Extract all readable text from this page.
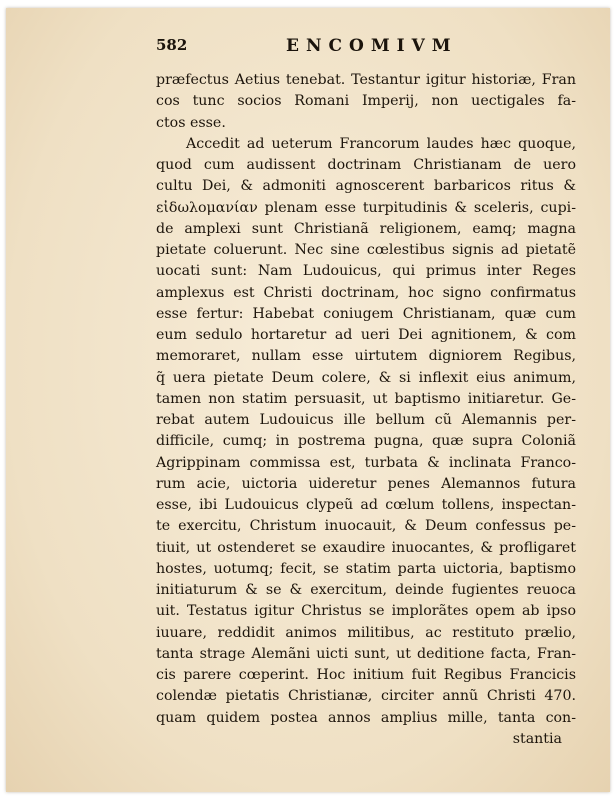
582	ENCOMIVM
præfectus Aetius tenebat. Testantur igitur historiæ, Fran
cos tunc socios Romani Imperij, non uectigales fa-
ctos esse.
Accedit ad ueterum Francorum laudes hæc quoque,
quod cum audissent doctrinam Christianam de uero
cultu Dei, & admoniti agnoscerent barbaricos ritus &
εἰδωλομανίαν plenam esse turpitudinis & sceleris, cupi-
de amplexi sunt Christianã religionem, eamq; magna
pietate coluerunt. Nec sine cœlestibus signis ad pietatẽ
uocati sunt: Nam Ludouicus, qui primus inter Reges
amplexus est Christi doctrinam, hoc signo confirmatus
esse fertur: Habebat coniugem Christianam, quæ cum
eum sedulo hortaretur ad ueri Dei agnitionem, & com
memoraret, nullam esse uirtutem digniorem Regibus,
q̃ uera pietate Deum colere, & si inflexit eius animum,
tamen non statim persuasit, ut baptismo initiaretur. Ge-
rebat autem Ludouicus ille bellum cũ Alemannis per-
difficile, cumq; in postrema pugna, quæ supra Coloniã
Agrippinam commissa est, turbata & inclinata Franco-
rum acie, uictoria uideretur penes Alemannos futura
esse, ibi Ludouicus clypeũ ad cœlum tollens, inspectan-
te exercitu, Christum inuocauit, & Deum confessus pe-
tiuit, ut ostenderet se exaudire inuocantes, & profligaret
hostes, uotumq; fecit, se statim parta uictoria, baptismo
initiaturum & se & exercitum, deinde fugientes reuoca
uit. Testatus igitur Christus se implorãtes opem ab ipso
iuuare, reddidit animos militibus, ac restituto prælio,
tanta strage Alemãni uicti sunt, ut deditione facta, Fran-
cis parere cœperint. Hoc initium fuit Regibus Francicis
colendæ pietatis Christianæ, circiter annũ Christi 470.
quam quidem postea annos amplius mille, tanta con-
stantia
